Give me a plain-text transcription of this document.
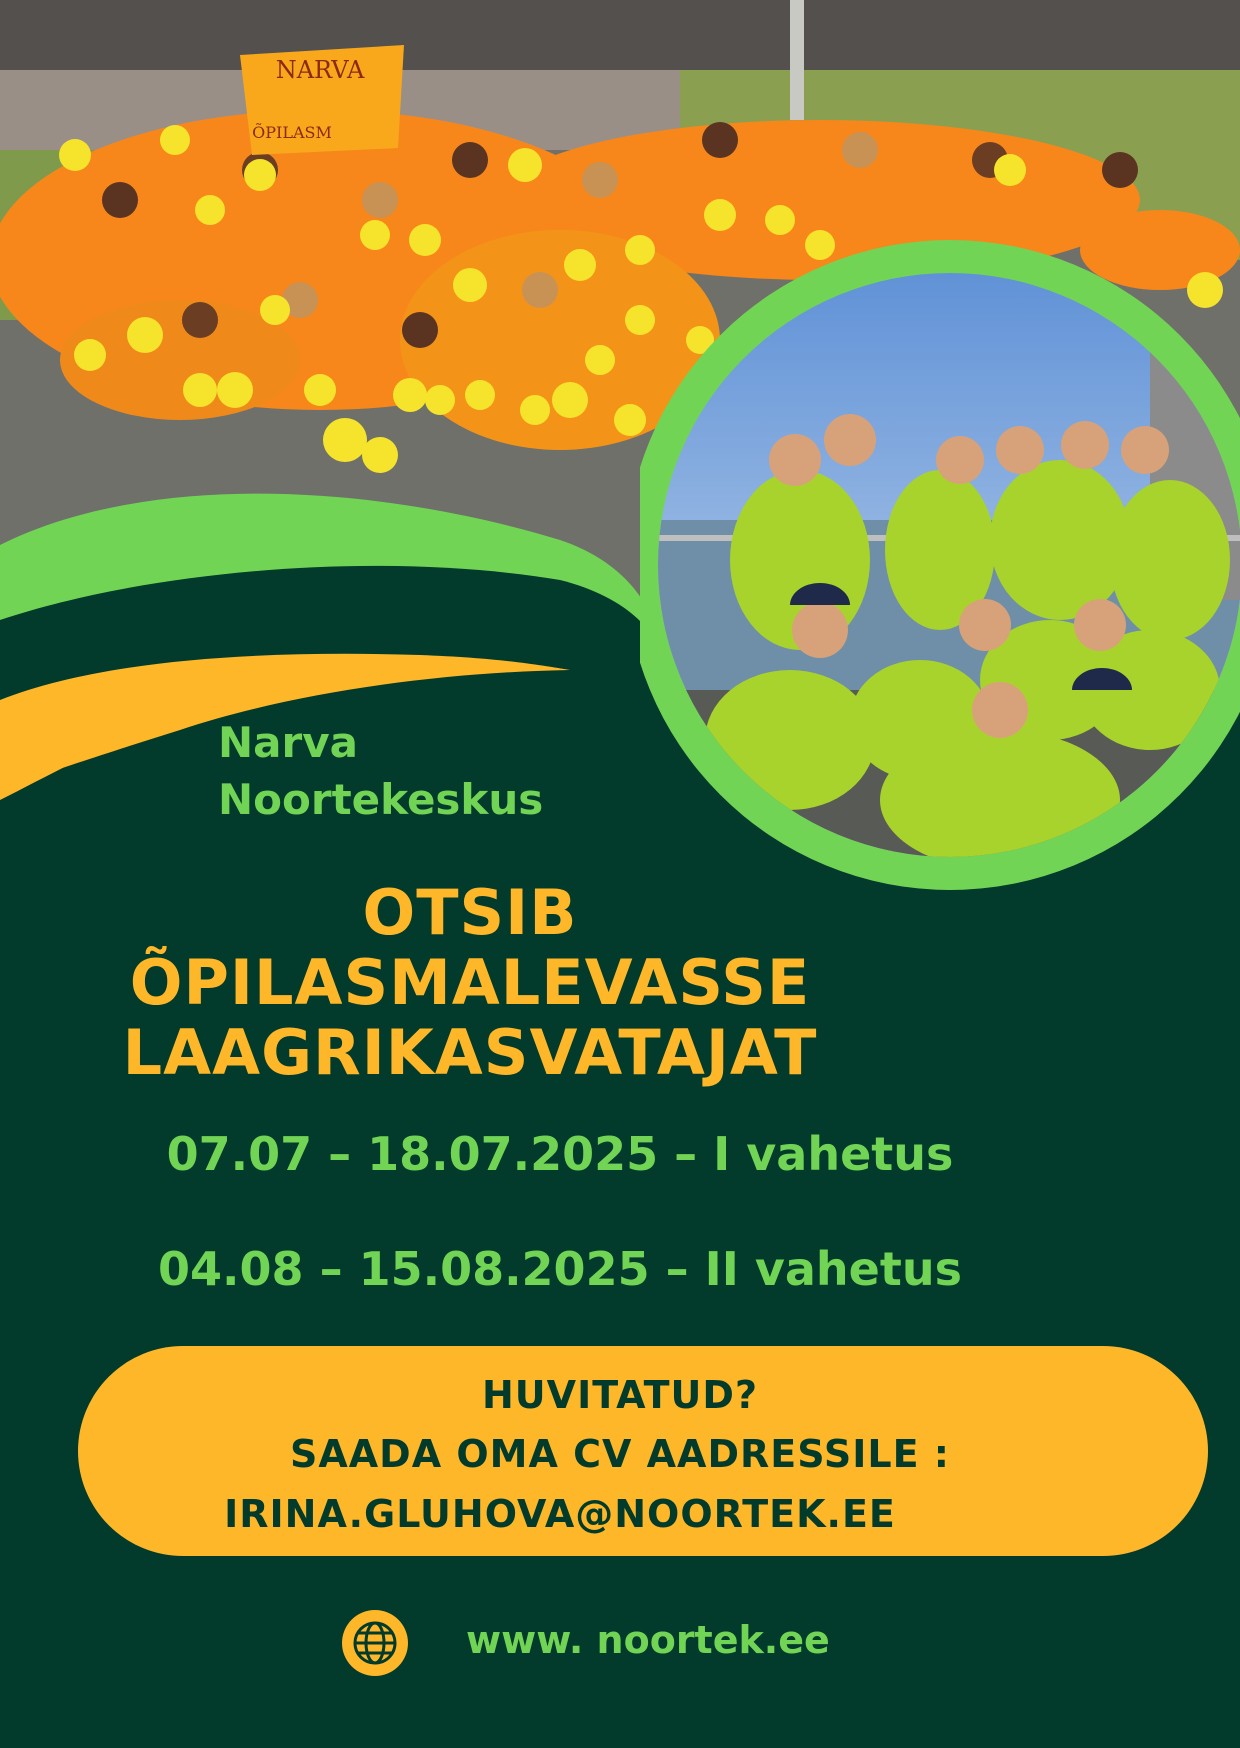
NARVA
ÕPILASM

Narva

Noortekeskus

OTSIB

ÕPILASMALEVASSE

LAAGRIKASVATAJAT

07.07 – 18.07.2025 – I vahetus

04.08 – 15.08.2025 – II vahetus

HUVITATUD?

SAADA OMA CV AADRESSILE :

IRINA.GLUHOVA@NOORTEK.EE

www. noortek.ee
